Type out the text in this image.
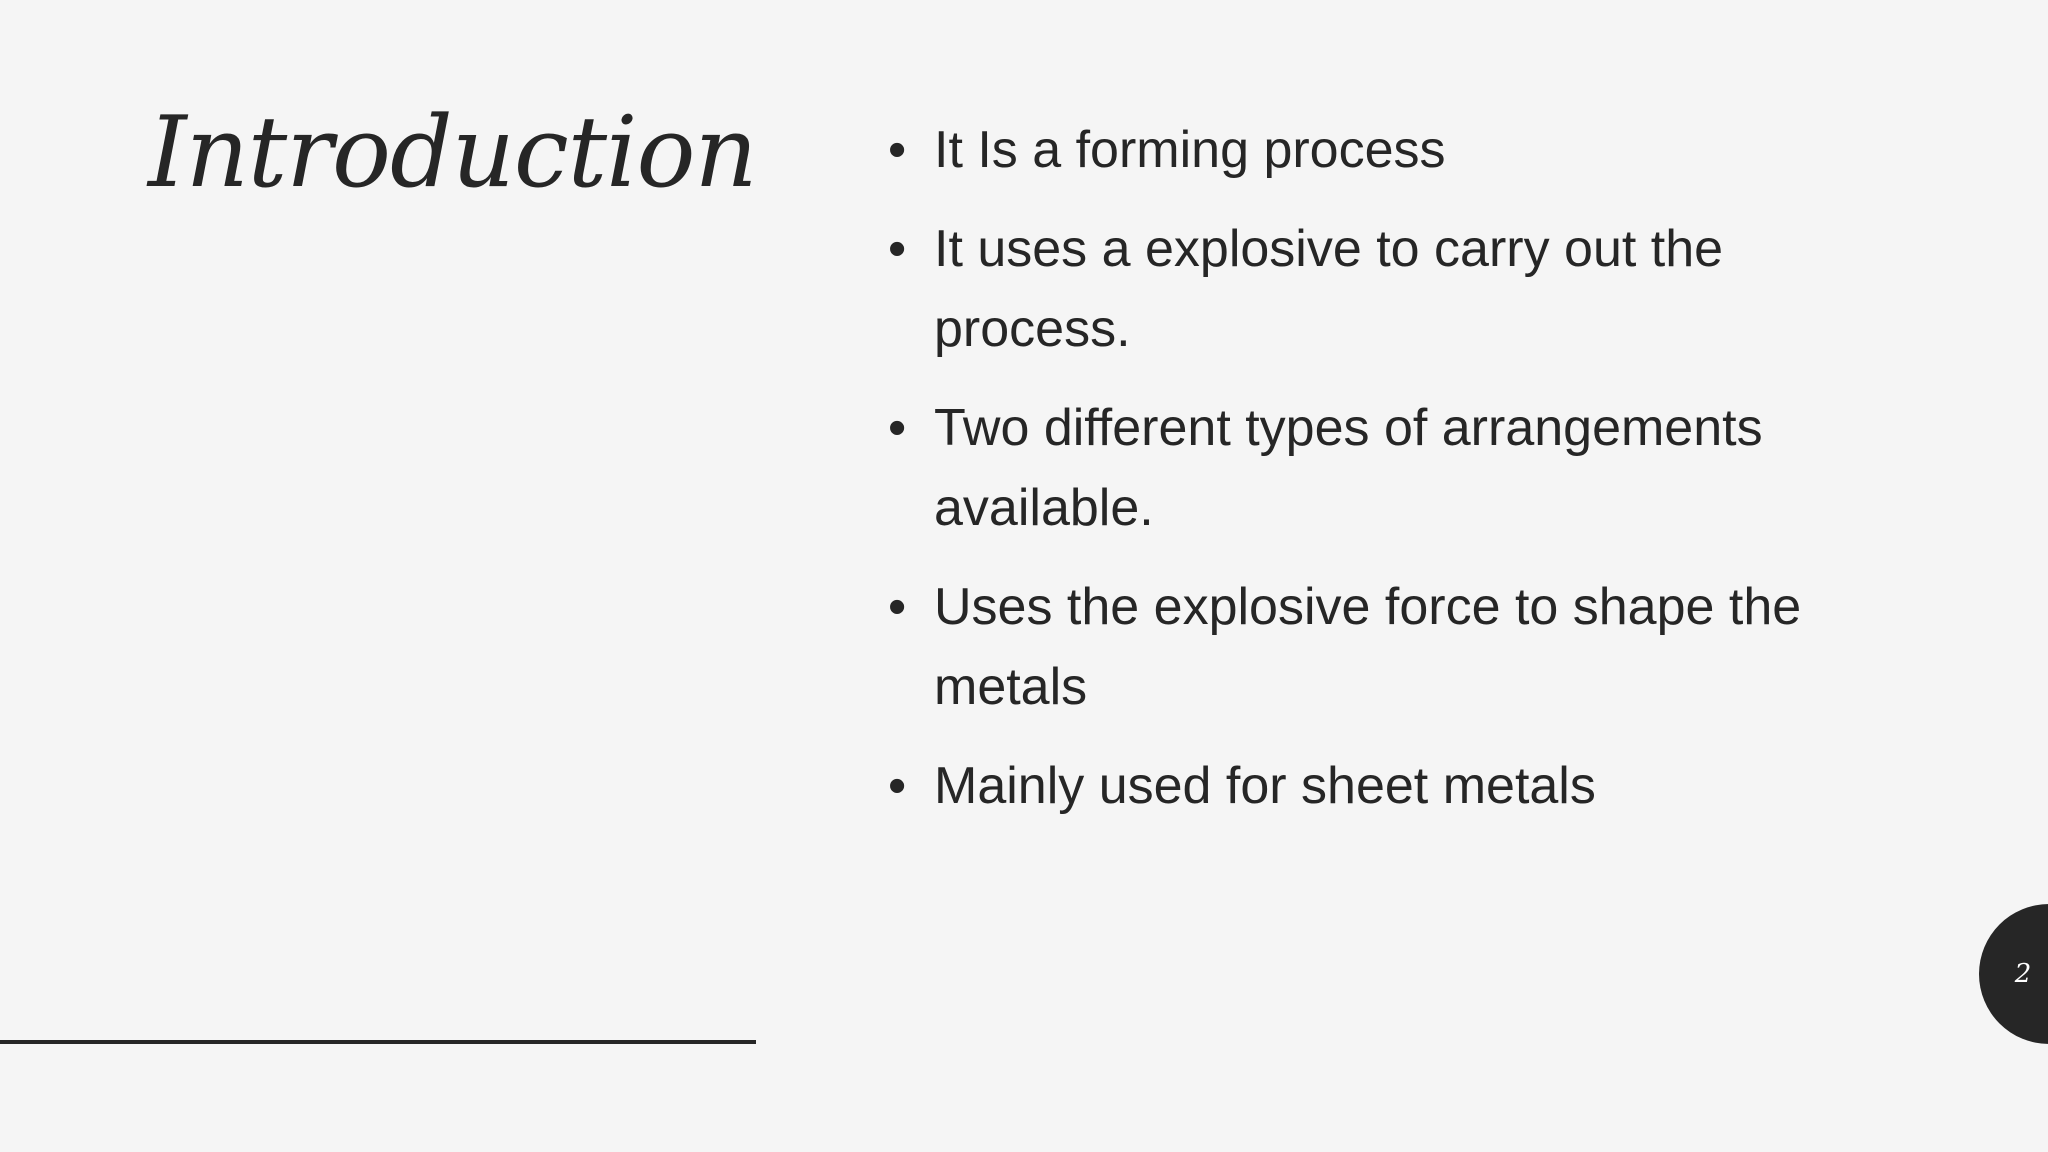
Introduction	• It Is a forming process
• It uses a explosive to carry out the process.
• Two different types of arrangements available.
• Uses the explosive force to shape the metals
• Mainly used for sheet metals
2
